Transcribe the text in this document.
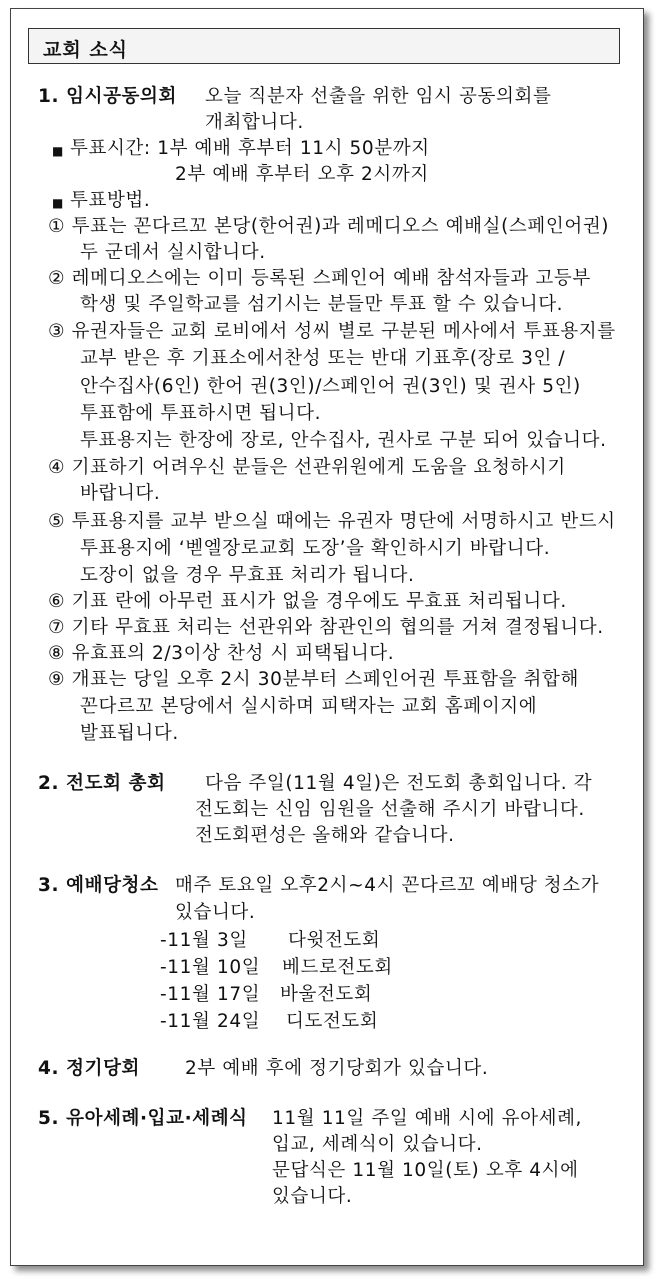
교회 소식
1. 임시공동의회 오늘 직분자 선출을 위한 임시 공동의회를
개최합니다.
■ 투표시간: 1부 예배 후부터 11시 50분까지
2부 예배 후부터 오후 2시까지
■ 투표방법.
① 투표는 꼰다르꼬 본당(한어권)과 레메디오스 예배실(스페인어권)
두 군데서 실시합니다.
② 레메디오스에는 이미 등록된 스페인어 예배 참석자들과 고등부
학생 및 주일학교를 섬기시는 분들만 투표 할 수 있습니다.
③ 유권자들은 교회 로비에서 성씨 별로 구분된 메사에서 투표용지를
교부 받은 후 기표소에서찬성 또는 반대 기표후(장로 3인 /
안수집사(6인) 한어 권(3인)/스페인어 권(3인) 및 권사 5인)
투표함에 투표하시면 됩니다.
투표용지는 한장에 장로, 안수집사, 권사로 구분 되어 있습니다.
④ 기표하기 어려우신 분들은 선관위원에게 도움을 요청하시기
바랍니다.
⑤ 투표용지를 교부 받으실 때에는 유권자 명단에 서명하시고 반드시
투표용지에 ‘벧엘장로교회 도장’을 확인하시기 바랍니다.
도장이 없을 경우 무효표 처리가 됩니다.
⑥ 기표 란에 아무런 표시가 없을 경우에도 무효표 처리됩니다.
⑦ 기타 무효표 처리는 선관위와 참관인의 협의를 거쳐 결정됩니다.
⑧ 유효표의 2/3이상 찬성 시 피택됩니다.
⑨ 개표는 당일 오후 2시 30분부터 스페인어권 투표함을 취합해
꼰다르꼬 본당에서 실시하며 피택자는 교회 홈페이지에
발표됩니다.
2. 전도회 총회 다음 주일(11월 4일)은 전도회 총회입니다. 각
전도회는 신임 임원을 선출해 주시기 바랍니다.
전도회편성은 올해와 같습니다.
3. 예배당청소 매주 토요일 오후2시~4시 꼰다르꼬 예배당 청소가
있습니다.
-11월 3일 다윗전도회
-11월 10일 베드로전도회
-11월 17일 바울전도회
-11월 24일 디도전도회
4. 정기당회 2부 예배 후에 정기당회가 있습니다.
5. 유아세례·입교·세례식 11월 11일 주일 예배 시에 유아세례,
입교, 세례식이 있습니다.
문답식은 11월 10일(토) 오후 4시에
있습니다.
